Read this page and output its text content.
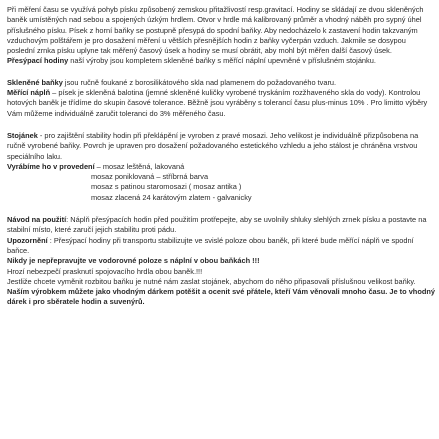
Při měření času se využívá pohyb písku způsobený zemskou přitažlivostí resp.gravitací. Hodiny se skládají ze dvou skleněných baněk umístěných nad sebou a spojených úzkým hrdlem. Otvor v hrdle má kalibrovaný průměr a vhodný náběh pro sypný úhel příslušného písku. Písek z horní baňky se postupně přesypá do spodní baňky. Aby nedocházelo k zastavení hodin takzvaným vzduchovým polštářem je pro dosažení měření u větších přesnějších hodin z baňky vyčerpán vzduch. Jakmile se dosypou poslední zrnka písku uplyne tak měřený časový úsek a hodiny se musí obrátit, aby mohl být měřen další časový úsek.

Přesýpací hodiny naší výroby jsou kompletem skleněné baňky s měřící náplní upevněné v příslušném stojánku.

Skleněné baňky jsou ručně foukané z borosilikátového skla nad plamenem do požadovaného tvaru.

Měřící náplň – písek je skleněná balotina (jemné skleněné kuličky vyrobené tryskáním rozžhaveného skla do vody). Kontrolou hotových baněk je třídíme do skupin časové tolerance. Běžně jsou vyráběny s tolerancí času plus-minus 10% . Pro limitto výběry Vám můžeme individuálně zaručit toleranci do 3% měřeného času.

Stojánek - pro zajištění stability hodin při překlápění je vyroben z pravé mosazi. Jeho velikost je individuálně přizpůsobena na ručně vyrobené baňky. Povrch je upraven pro dosažení požadovaného estetického vzhledu a jeho stálost je chráněna vrstvou speciálního laku.

Vyrábíme ho v provedení – mosaz leštěná, lakovaná

mosaz poniklovaná – stříbrná barva

mosaz s patinou staromosazi ( mosaz antika )

mosaz zlacená 24 karátovým zlatem - galvanicky

Návod na použití: Náplň přesýpacích hodin před použitím protřepejte, aby se uvolnily shluky slehlých zrnek písku a postavte na stabilní místo, které zaručí jejich stabilitu proti pádu.

Upozornění : Přesýpací hodiny při transportu stabilizujte ve svislé poloze obou baněk, při které bude měřící náplň ve spodní baňce.

Nikdy je nepřepravujte ve vodorovné poloze s náplní v obou baňkách !!!

Hrozí nebezpečí prasknutí spojovacího hrdla obou baněk.!!!

Jestliže chcete vyměnit rozbitou baňku je nutné nám zaslat stojánek, abychom do něho připasovali příslušnou velikost baňky.

Naším výrobkem můžete jako vhodným dárkem potěšit a ocenit své přátele, kteří Vám věnovali mnoho času. Je to vhodný dárek i pro sběratele hodin a suvenýrů.
